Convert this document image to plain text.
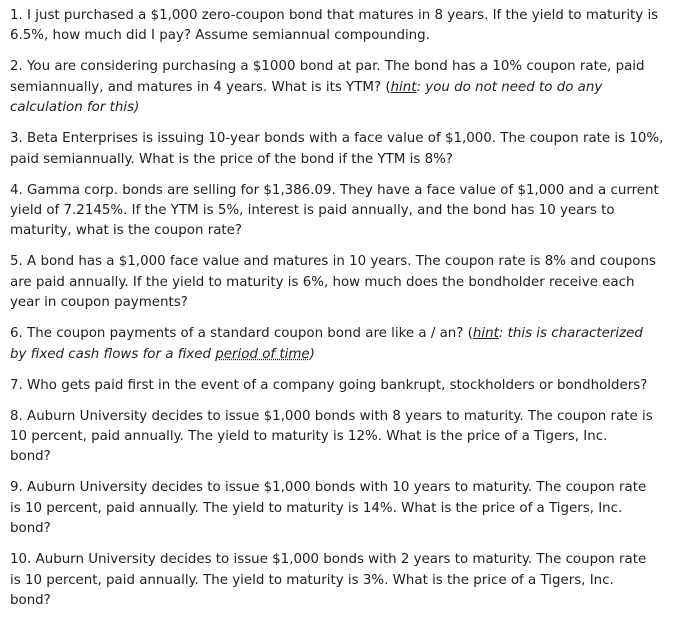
1. I just purchased a $1,000 zero-coupon bond that matures in 8 years. If the yield to maturity is
6.5%, how much did I pay? Assume semiannual compounding.

2. You are considering purchasing a $1000 bond at par. The bond has a 10% coupon rate, paid
semiannually, and matures in 4 years. What is its YTM? (hint: you do not need to do any
calculation for this)

3. Beta Enterprises is issuing 10-year bonds with a face value of $1,000. The coupon rate is 10%,
paid semiannually. What is the price of the bond if the YTM is 8%?

4. Gamma corp. bonds are selling for $1,386.09. They have a face value of $1,000 and a current
yield of 7.2145%. If the YTM is 5%, interest is paid annually, and the bond has 10 years to
maturity, what is the coupon rate?

5. A bond has a $1,000 face value and matures in 10 years. The coupon rate is 8% and coupons
are paid annually. If the yield to maturity is 6%, how much does the bondholder receive each
year in coupon payments?

6. The coupon payments of a standard coupon bond are like a / an? (hint: this is characterized
by fixed cash flows for a fixed period of time)

7. Who gets paid first in the event of a company going bankrupt, stockholders or bondholders?

8. Auburn University decides to issue $1,000 bonds with 8 years to maturity. The coupon rate is
10 percent, paid annually. The yield to maturity is 12%. What is the price of a Tigers, Inc.
bond?

9. Auburn University decides to issue $1,000 bonds with 10 years to maturity. The coupon rate
is 10 percent, paid annually. The yield to maturity is 14%. What is the price of a Tigers, Inc.
bond?

10. Auburn University decides to issue $1,000 bonds with 2 years to maturity. The coupon rate
is 10 percent, paid annually. The yield to maturity is 3%. What is the price of a Tigers, Inc.
bond?
